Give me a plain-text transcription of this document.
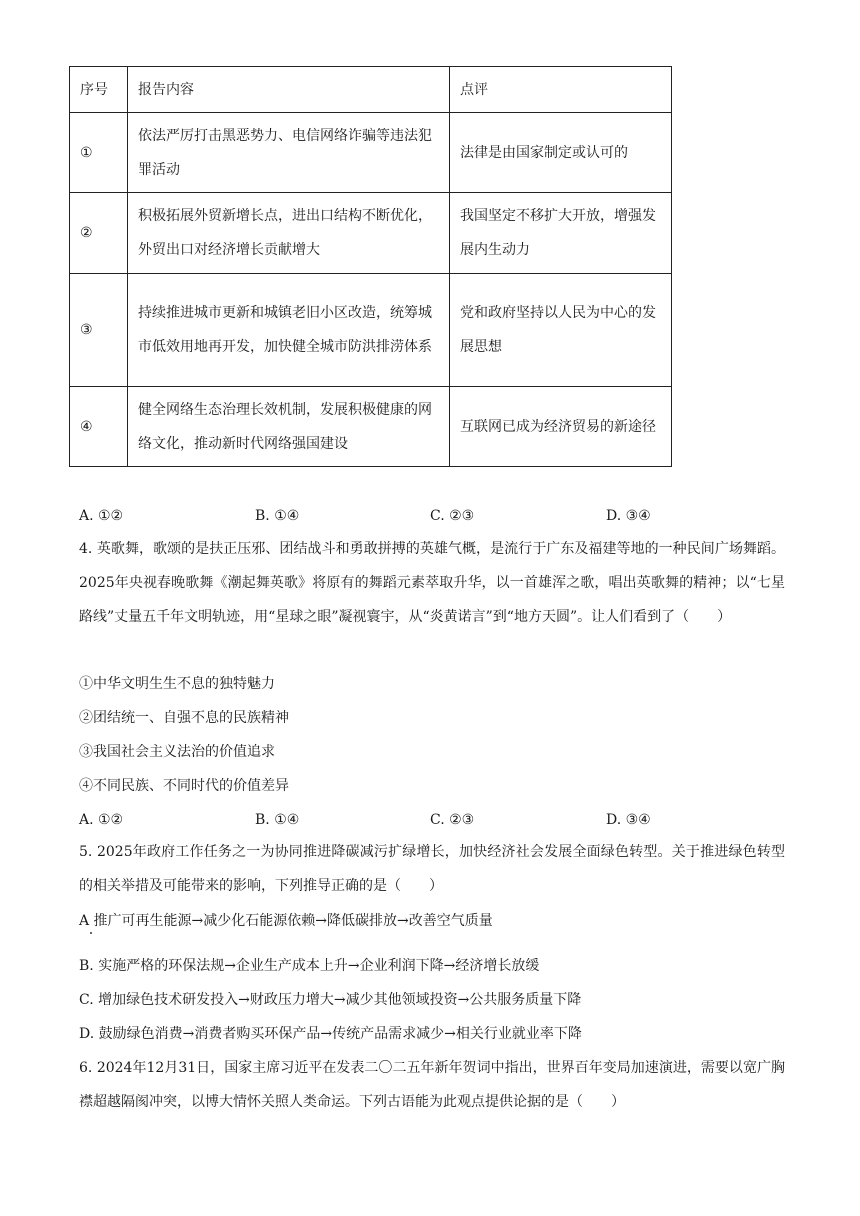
序号	报告内容	点评
①	依法严厉打击黑恶势力、电信网络诈骗等违法犯罪活动	法律是由国家制定或认可的
②	积极拓展外贸新增长点，进出口结构不断优化，外贸出口对经济增长贡献增大	我国坚定不移扩大开放，增强发展内生动力
③	持续推进城市更新和城镇老旧小区改造，统筹城市低效用地再开发，加快健全城市防洪排涝体系	党和政府坚持以人民为中心的发展思想
④	健全网络生态治理长效机制，发展积极健康的网络文化，推动新时代网络强国建设	互联网已成为经济贸易的新途径
A. ①②	B. ①④	C. ②③	D. ③④
4. 英歌舞，歌颂的是扶正压邪、团结战斗和勇敢拼搏的英雄气概，是流行于广东及福建等地的一种民间广场舞蹈。2025年央视春晚歌舞《潮起舞英歌》将原有的舞蹈元素萃取升华，以一首雄浑之歌，唱出英歌舞的精神；以“七星路线”丈量五千年文明轨迹，用“星球之眼”凝视寰宇，从“炎黄诺言”到“地方天圆”。让人们看到了（　　）
①中华文明生生不息的独特魅力
②团结统一、自强不息的民族精神
③我国社会主义法治的价值追求
④不同民族、不同时代的价值差异
A. ①②	B. ①④	C. ②③	D. ③④
5. 2025年政府工作任务之一为协同推进降碳减污扩绿增长，加快经济社会发展全面绿色转型。关于推进绿色转型的相关举措及可能带来的影响，下列推导正确的是（　　）
A 推广可再生能源→减少化石能源依赖→降低碳排放→改善空气质量
B. 实施严格的环保法规→企业生产成本上升→企业利润下降→经济增长放缓
C. 增加绿色技术研发投入→财政压力增大→减少其他领域投资→公共服务质量下降
D. 鼓励绿色消费→消费者购买环保产品→传统产品需求减少→相关行业就业率下降
6. 2024年12月31日，国家主席习近平在发表二〇二五年新年贺词中指出，世界百年变局加速演进，需要以宽广胸襟超越隔阂冲突，以博大情怀关照人类命运。下列古语能为此观点提供论据的是（　　）
